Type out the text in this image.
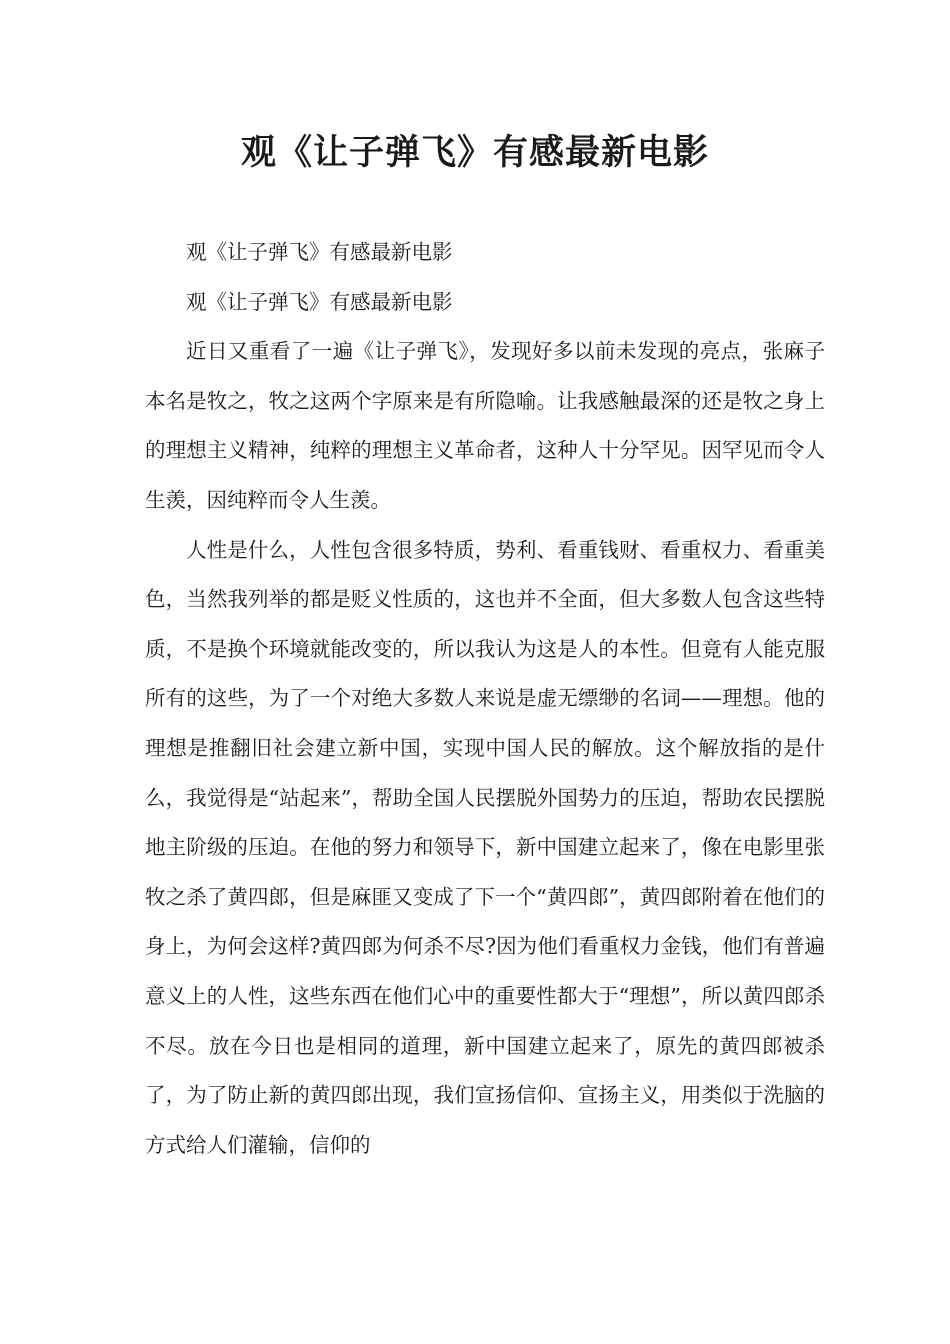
观《让子弹飞》有感最新电影

观《让子弹飞》有感最新电影

观《让子弹飞》有感最新电影

近日又重看了一遍《让子弹飞》，发现好多以前未发现的亮点，张麻子本名是牧之，牧之这两个字原来是有所隐喻。让我感触最深的还是牧之身上的理想主义精神，纯粹的理想主义革命者，这种人十分罕见。因罕见而令人生羡，因纯粹而令人生羡。

人性是什么，人性包含很多特质，势利、看重钱财、看重权力、看重美色，当然我列举的都是贬义性质的，这也并不全面，但大多数人包含这些特质，不是换个环境就能改变的，所以我认为这是人的本性。但竟有人能克服所有的这些，为了一个对绝大多数人来说是虚无缥缈的名词——理想。他的理想是推翻旧社会建立新中国，实现中国人民的解放。这个解放指的是什么，我觉得是“站起来”，帮助全国人民摆脱外国势力的压迫，帮助农民摆脱地主阶级的压迫。在他的努力和领导下，新中国建立起来了，像在电影里张牧之杀了黄四郎，但是麻匪又变成了下一个“黄四郎”，黄四郎附着在他们的身上，为何会这样?黄四郎为何杀不尽?因为他们看重权力金钱，他们有普遍意义上的人性，这些东西在他们心中的重要性都大于“理想”，所以黄四郎杀不尽。放在今日也是相同的道理，新中国建立起来了，原先的黄四郎被杀了，为了防止新的黄四郎出现，我们宣扬信仰、宣扬主义，用类似于洗脑的方式给人们灌输，信仰的
